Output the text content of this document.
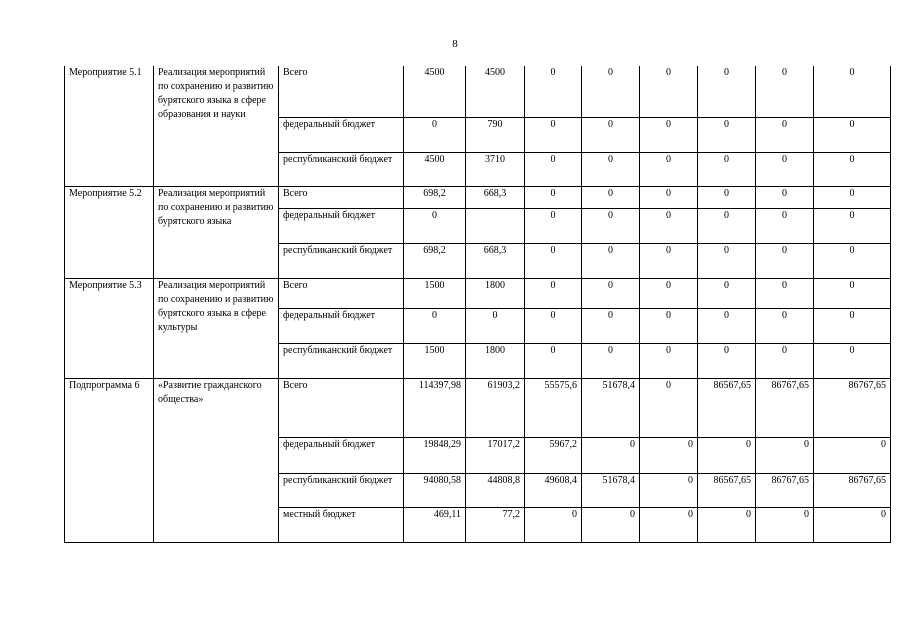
8
Мероприятие 5.1	Реализация мероприятий по сохранению и развитию бурятского языка в сфере образования и науки	Всего	4500	4500	0	0	0	0	0	0
		федеральный бюджет	0	790	0	0	0	0	0	0
		республиканский бюджет	4500	3710	0	0	0	0	0	0
Мероприятие 5.2	Реализация мероприятий по сохранению и развитию бурятского языка	Всего	698,2	668,3	0	0	0	0	0	0
		федеральный бюджет	0		0	0	0	0	0	0
		республиканский бюджет	698,2	668,3	0	0	0	0	0	0
Мероприятие 5.3	Реализация мероприятий по сохранению и развитию бурятского языка в сфере культуры	Всего	1500	1800	0	0	0	0	0	0
		федеральный бюджет	0	0	0	0	0	0	0	0
		республиканский бюджет	1500	1800	0	0	0	0	0	0
Подпрограмма 6	«Развитие гражданского общества»	Всего	114397,98	61903,2	55575,6	51678,4	0	86567,65	86767,65	86767,65
		федеральный бюджет	19848,29	17017,2	5967,2	0	0	0	0	0
		республиканский бюджет	94080,58	44808,8	49608,4	51678,4	0	86567,65	86767,65	86767,65
		местный бюджет	469,11	77,2	0	0	0	0	0	0
